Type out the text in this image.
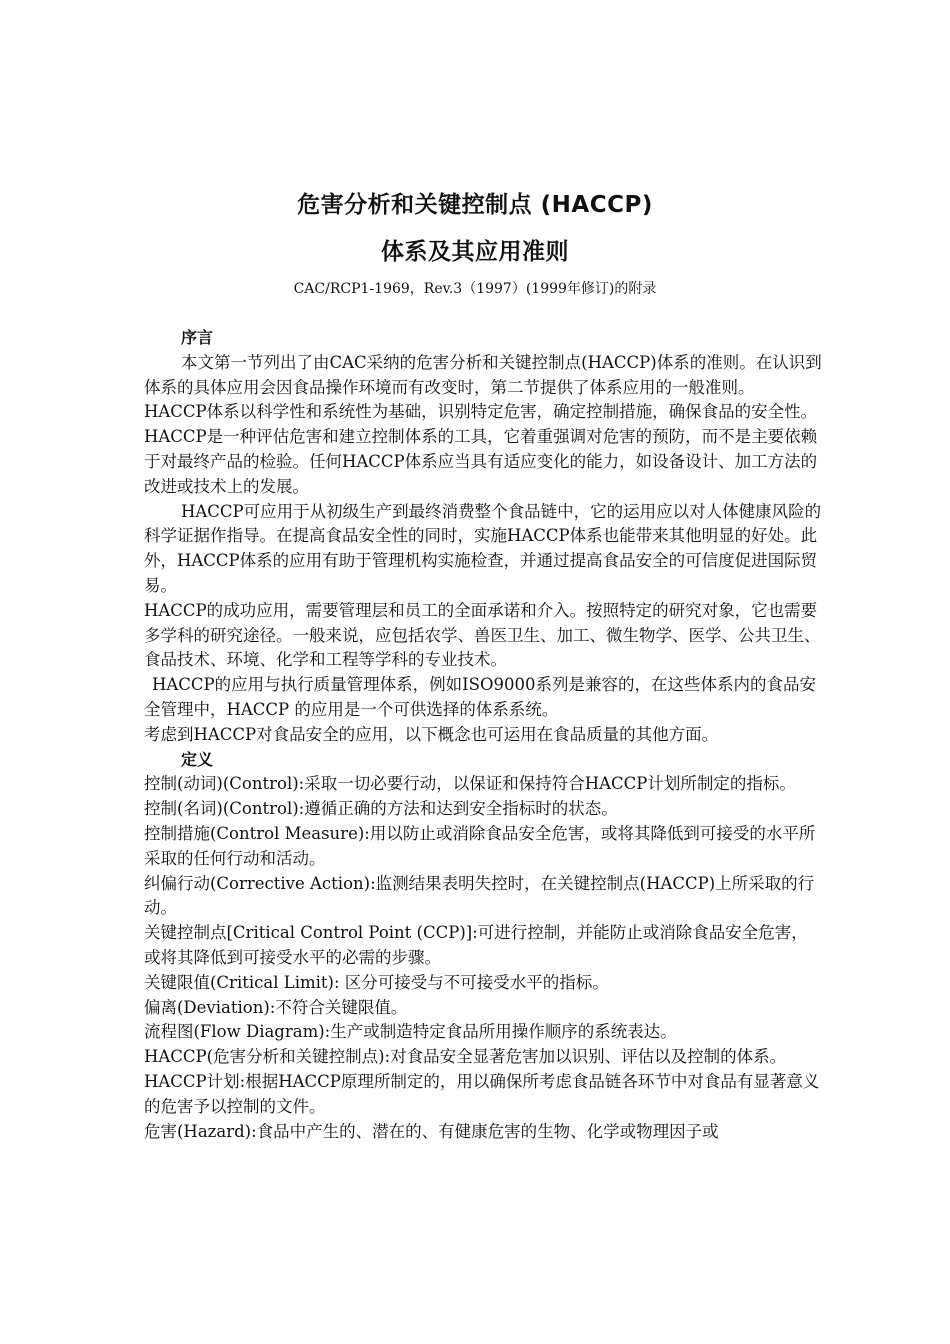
危害分析和关键控制点 (HACCP)
体系及其应用准则

CAC/RCP1-1969，Rev.3（1997）(1999年修订)的附录

序言

本文第一节列出了由CAC采纳的危害分析和关键控制点(HACCP)体系的准则。在认识到体系的具体应用会因食品操作环境而有改变时，第二节提供了体系应用的一般准则。

HACCP体系以科学性和系统性为基础，识别特定危害，确定控制措施，确保食品的安全性。HACCP是一种评估危害和建立控制体系的工具，它着重强调对危害的预防，而不是主要依赖于对最终产品的检验。任何HACCP体系应当具有适应变化的能力，如设备设计、加工方法的改进或技术上的发展。

HACCP可应用于从初级生产到最终消费整个食品链中，它的运用应以对人体健康风险的科学证据作指导。在提高食品安全性的同时，实施HACCP体系也能带来其他明显的好处。此外，HACCP体系的应用有助于管理机构实施检查，并通过提高食品安全的可信度促进国际贸易。

HACCP的成功应用，需要管理层和员工的全面承诺和介入。按照特定的研究对象，它也需要多学科的研究途径。一般来说，应包括农学、兽医卫生、加工、微生物学、医学、公共卫生、食品技术、环境、化学和工程等学科的专业技术。

HACCP的应用与执行质量管理体系，例如ISO9000系列是兼容的，在这些体系内的食品安全管理中，HACCP 的应用是一个可供选择的体系系统。

考虑到HACCP对食品安全的应用，以下概念也可运用在食品质量的其他方面。

定义

控制(动词)(Control):采取一切必要行动，以保证和保持符合HACCP计划所制定的指标。

控制(名词)(Control):遵循正确的方法和达到安全指标时的状态。

控制措施(Control Measure):用以防止或消除食品安全危害，或将其降低到可接受的水平所采取的任何行动和活动。

纠偏行动(Corrective Action):监测结果表明失控时，在关键控制点(HACCP)上所采取的行动。

关键控制点[Critical Control Point (CCP)]:可进行控制，并能防止或消除食品安全危害，或将其降低到可接受水平的必需的步骤。

关键限值(Critical Limit): 区分可接受与不可接受水平的指标。

偏离(Deviation):不符合关键限值。

流程图(Flow Diagram):生产或制造特定食品所用操作顺序的系统表达。

HACCP(危害分析和关键控制点):对食品安全显著危害加以识别、评估以及控制的体系。

HACCP计划:根据HACCP原理所制定的，用以确保所考虑食品链各环节中对食品有显著意义的危害予以控制的文件。

危害(Hazard):食品中产生的、潜在的、有健康危害的生物、化学或物理因子或
